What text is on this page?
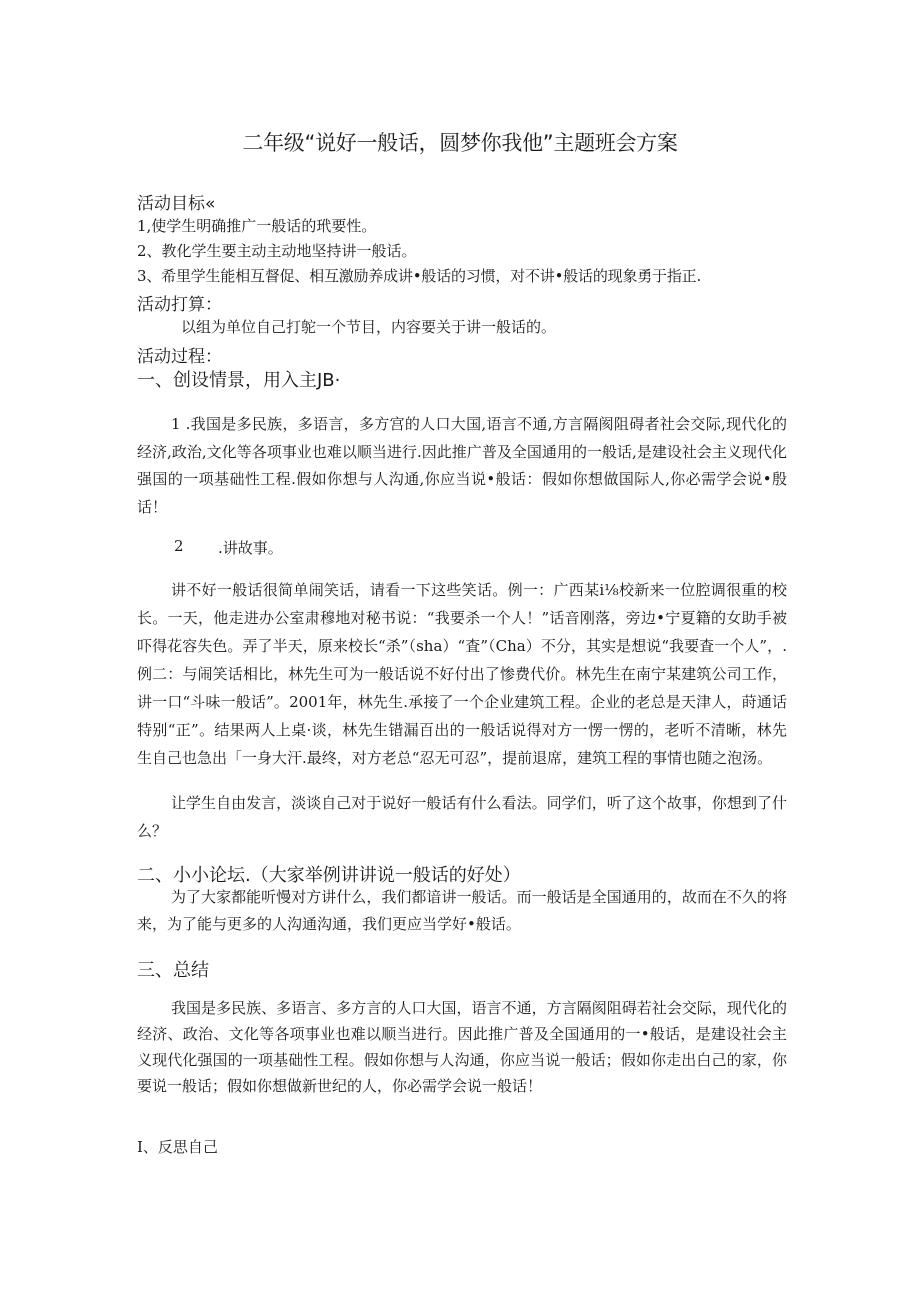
二年级“说好一般话，圆梦你我他”主题班会方案
活动目标«
1,使学生明确推广一般话的玳要性。
2、教化学生要主动主动地坚持讲一般话。
3、希里学生能相互督促、相互激励养成讲•般话的习惯，对不讲•般话的现象勇于指正.
活动打算：
以组为单位自己打鸵一个节目，内容要关于讲一般话的。
活动过程：
一、创设情景，用入主JB·

1 .我国是多民族，多语言，多方宫的人口大国,语言不通,方言隔阂阻碍者社会交际,现代化的经济,政治,文化等各项事业也难以顺当进行.因此推广普及全国通用的一般话,是建设社会主义现代化强国的一项基础性工程.假如你想与人沟通,你应当说•般话：假如你想做国际人,你必需学会说•殷话！

2 .讲故事。

讲不好一般话很简单闹笑话，请看一下这些笑话。例一：广西某i⅛校新来一位腔调很重的校长。一天，他走进办公室肃穆地对秘书说：“我要杀一个人！”话音刚落，旁边•宁夏籍的女助手被吓得花容失色。弄了半天，原来校长“杀”（sha）“査”（Cha）不分，其实是想说“我要査一个人”，.例二：与闹笑话相比，林先生可为一般话说不好付出了惨费代价。林先生在南宁某建筑公司工作，讲一口“斗味一般话”。2001年，林先生.承接了一个企业建筑工程。企业的老总是天津人，莳通话特别“正”。结果两人上桌·谈，林先生错漏百出的一般话说得对方一愣一愣的，老听不清晰，林先生自己也急出「一身大汗.最终，对方老总“忍无可忍”，提前退席，建筑工程的事情也随之泡汤。

让学生自由发言，淡谈自己对于说好一般话有什么看法。同学们，听了这个故事，你想到了什么？

二、小小论坛.（大家举例讲讲说一般话的好处）

为了大家都能听慢对方讲什么，我们都谙讲一般话。而一般话是全国通用的，故而在不久的将来，为了能与更多的人沟通沟通，我们更应当学好•般话。

三、总结

我国是多民族、多语言、多方言的人口大国，语言不通，方言隔阂阻碍若社会交际，现代化的经济、政治、文化等各项事业也难以顺当进行。因此推广普及全国通用的一•般话，是建设社会主义现代化强国的一项基础性工程。假如你想与人沟通，你应当说一般话；假如你走出白己的家，你要说一般话；假如你想做新世纪的人，你必需学会说一般话！

I、反思自己
